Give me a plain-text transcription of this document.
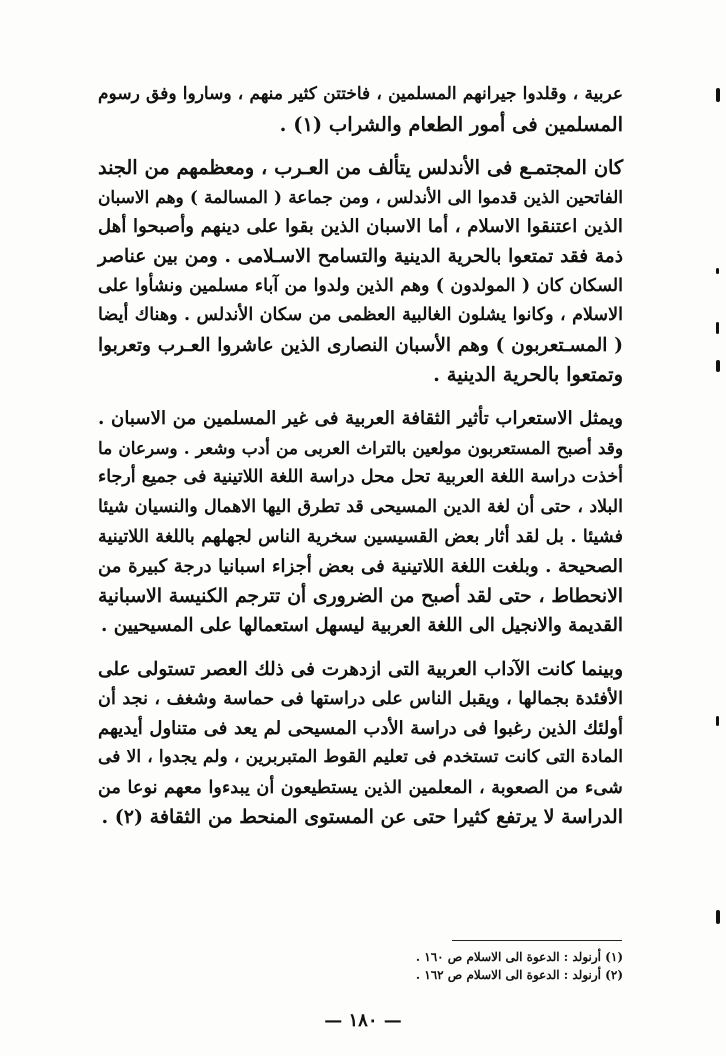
عربية ، وقلدوا جيرانهم المسلمين ، فاختتن كثير منهم ، وساروا وفق رسوم
المسلمين فى أمور الطعام والشراب (١) .

كان المجتمـع فى الأندلس يتألف من العـرب ، ومعظمهم من الجند
الفاتحين الذين قدموا الى الأندلس ، ومن جماعة ( المسالمة ) وهم الاسبان
الذين اعتنقوا الاسلام ، أما الاسبان الذين بقوا على دينهم وأصبحوا أهل
ذمة فقد تمتعوا بالحرية الدينية والتسامح الاسـلامى . ومن بين عناصر
السكان كان ( المولدون ) وهم الذين ولدوا من آباء مسلمين ونشأوا على
الاسلام ، وكانوا يشلون الغالبية العظمى من سكان الأندلس . وهناك أيضا
( المسـتعربون ) وهم الأسبان النصارى الذين عاشروا العـرب وتعربوا
وتمتعوا بالحرية الدينية .

ويمثل الاستعراب تأثير الثقافة العربية فى غير المسلمين من الاسبان .
وقد أصبح المستعربون مولعين بالتراث العربى من أدب وشعر . وسرعان ما
أخذت دراسة اللغة العربية تحل محل دراسة اللغة اللاتينية فى جميع أرجاء
البلاد ، حتى أن لغة الدين المسيحى قد تطرق اليها الاهمال والنسيان شيئا
فشيئا . بل لقد أثار بعض القسيسين سخرية الناس لجهلهم باللغة اللاتينية
الصحيحة . وبلغت اللغة اللاتينية فى بعض أجزاء اسبانيا درجة كبيرة من
الانحطاط ، حتى لقد أصبح من الضرورى أن تترجم الكنيسة الاسبانية
القديمة والانجيل الى اللغة العربية ليسهل استعمالها على المسيحيين .

وبينما كانت الآداب العربية التى ازدهرت فى ذلك العصر تستولى على
الأفئدة بجمالها ، ويقبل الناس على دراستها فى حماسة وشغف ، نجد أن
أولئك الذين رغبوا فى دراسة الأدب المسيحى لم يعد فى متناول أيديهم
المادة التى كانت تستخدم فى تعليم القوط المتبربرين ، ولم يجدوا ، الا فى
شىء من الصعوبة ، المعلمين الذين يستطيعون أن يبدءوا معهم نوعا من
الدراسة لا يرتفع كثيرا حتى عن المستوى المنحط من الثقافة (٢) .

(١) أرنولد : الدعوة الى الاسلام ص ١٦٠ .
(٢) أرنولد : الدعوة الى الاسلام ص ١٦٢ .
— ١٨٠ —
